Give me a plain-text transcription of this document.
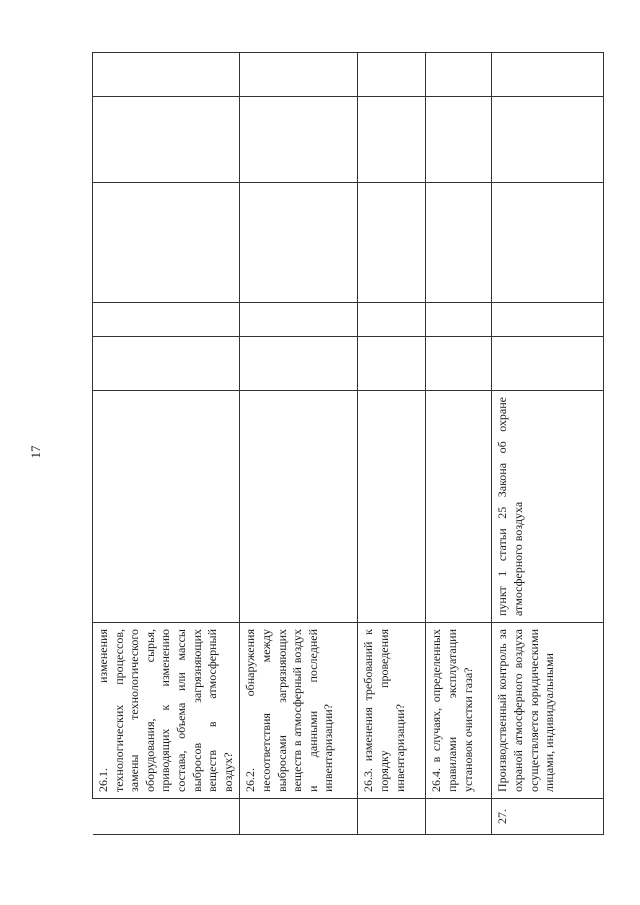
17
	26.1. изменения технологических процессов, замены технологического оборудования, сырья, приводящих к изменению состава, объема или массы выбросов загрязняющих веществ в атмосферный воздух?						
	26.2. обнаружения несоответствия между выбросами загрязняющих веществ в атмосферный воздух и данными последней инвентаризации?						
	26.3. изменения требований к порядку проведения инвентаризации?						
	26.4. в случаях, определенных правилами эксплуатации установок очистки газа?						
27.	Производственный контроль за охраной атмосферного воздуха осуществляется юридическими лицами, индивидуальными	пункт 1 статьи 25 Закона об охране атмосферного воздуха					
